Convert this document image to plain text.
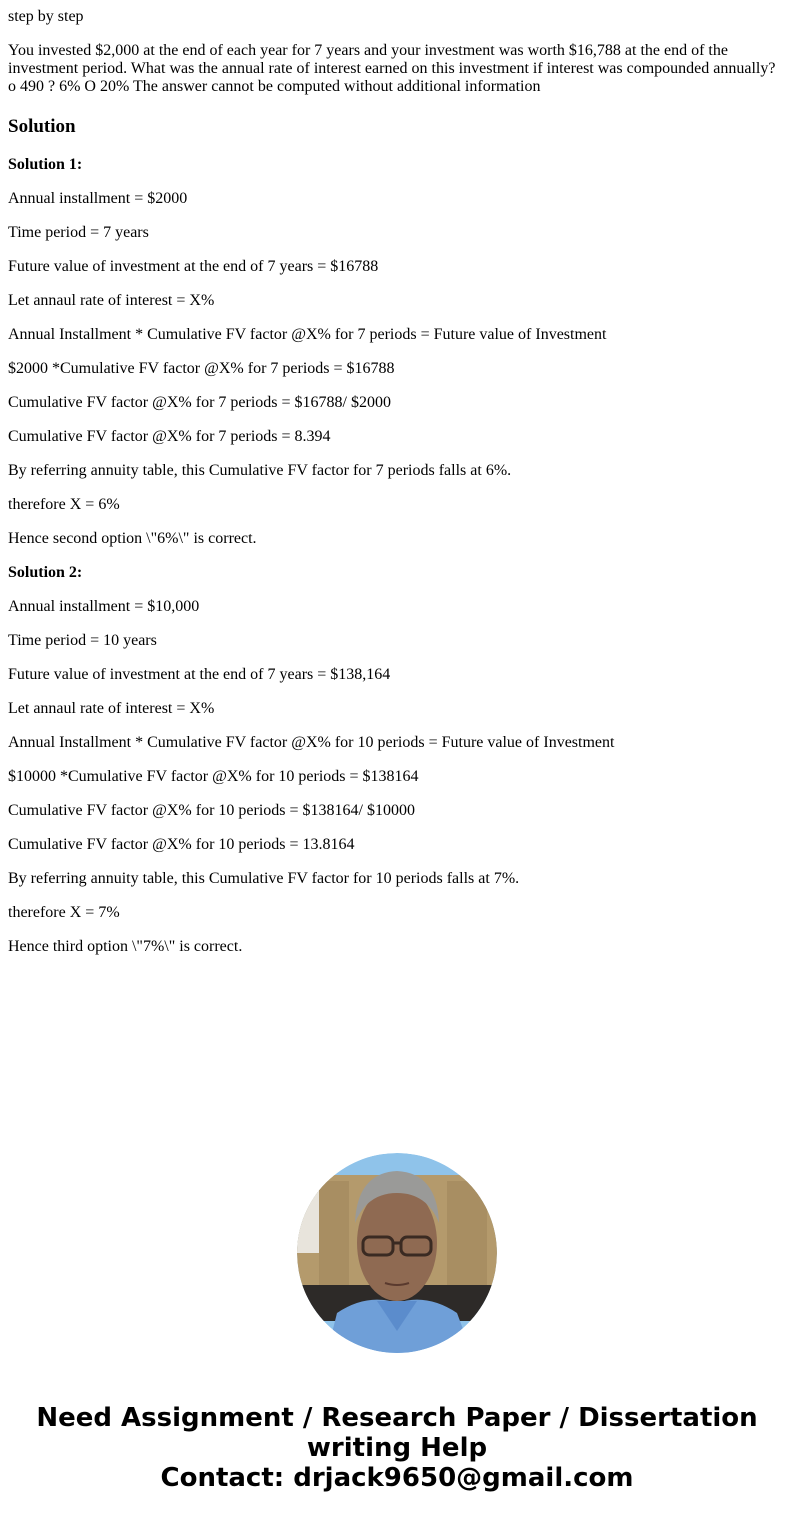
step by step

You invested $2,000 at the end of each year for 7 years and your investment was worth $16,788 at the end of the investment period. What was the annual rate of interest earned on this investment if interest was compounded annually? o 490 ? 6% O 20% The answer cannot be computed without additional information

Solution

Solution 1:

Annual installment = $2000

Time period = 7 years

Future value of investment at the end of 7 years = $16788

Let annaul rate of interest = X%

Annual Installment * Cumulative FV factor @X% for 7 periods = Future value of Investment

$2000 *Cumulative FV factor @X% for 7 periods = $16788

Cumulative FV factor @X% for 7 periods = $16788/ $2000

Cumulative FV factor @X% for 7 periods = 8.394

By referring annuity table, this Cumulative FV factor for 7 periods falls at 6%.

therefore X = 6%

Hence second option \"6%\" is correct.

Solution 2:

Annual installment = $10,000

Time period = 10 years

Future value of investment at the end of 7 years = $138,164

Let annaul rate of interest = X%

Annual Installment * Cumulative FV factor @X% for 10 periods = Future value of Investment

$10000 *Cumulative FV factor @X% for 10 periods = $138164

Cumulative FV factor @X% for 10 periods = $138164/ $10000

Cumulative FV factor @X% for 10 periods = 13.8164

By referring annuity table, this Cumulative FV factor for 10 periods falls at 7%.

therefore X = 7%

Hence third option \"7%\" is correct.

Need Assignment / Research Paper / Dissertation
writing Help
Contact: drjack9650@gmail.com
